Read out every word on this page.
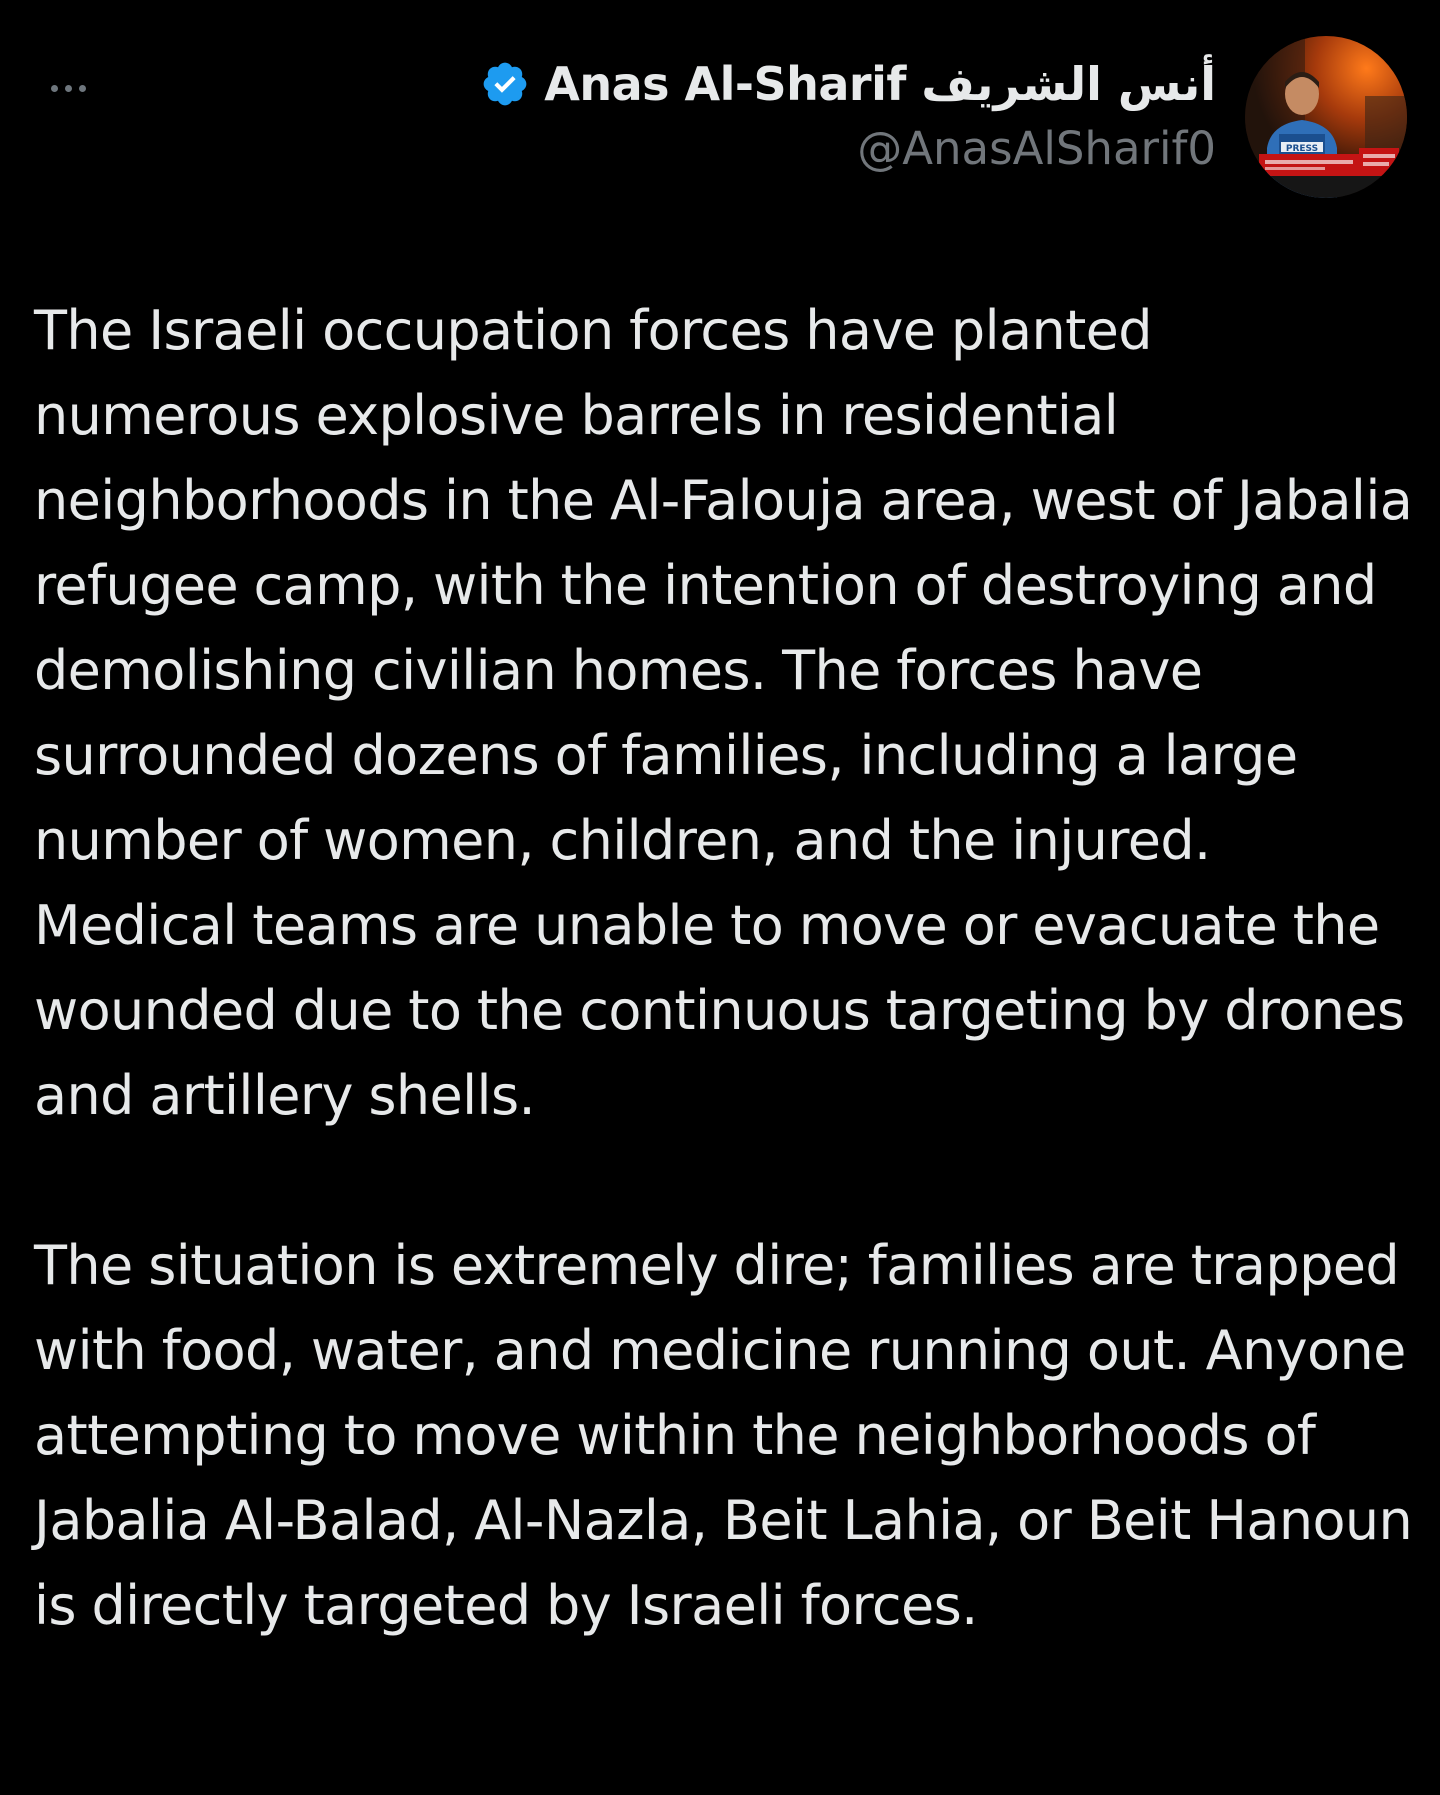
Anas Al-Sharif أنس الشريف
@AnasAlSharif0	PRESS

The Israeli occupation forces have planted numerous explosive barrels in residential neighborhoods in the Al-Falouja area, west of Jabalia refugee camp, with the intention of destroying and demolishing civilian homes. The forces have surrounded dozens of families, including a large number of women, children, and the injured.
Medical teams are unable to move or evacuate the wounded due to the continuous targeting by drones and artillery shells.

The situation is extremely dire; families are trapped with food, water, and medicine running out. Anyone attempting to move within the neighborhoods of Jabalia Al-Balad, Al-Nazla, Beit Lahia, or Beit Hanoun is directly targeted by Israeli forces.
